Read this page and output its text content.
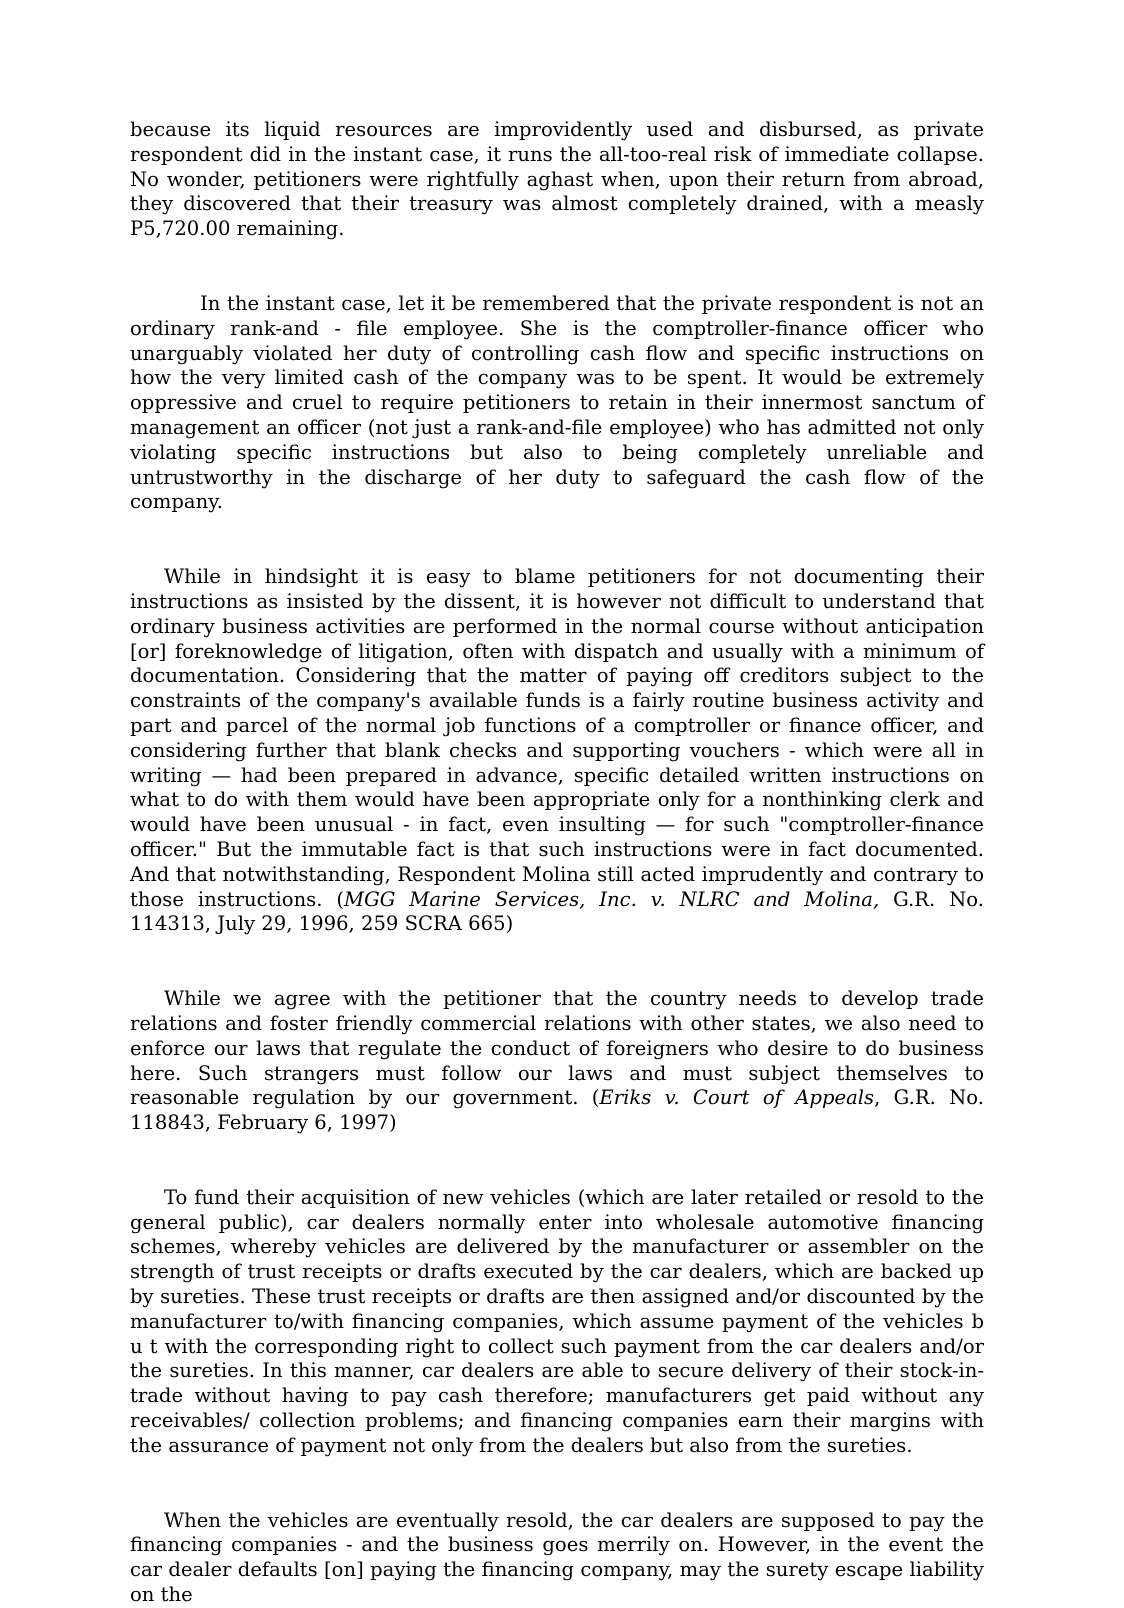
because its liquid resources are improvidently used and disbursed, as private respondent did in the instant case, it runs the all-too-real risk of immediate collapse. No wonder, petitioners were rightfully aghast when, upon their return from abroad, they discovered that their treasury was almost completely drained, with a measly P5,720.00 remaining.

In the instant case, let it be remembered that the private respondent is not an ordinary rank-and - file employee. She is the comptroller-finance officer who unarguably violated her duty of controlling cash flow and specific instructions on how the very limited cash of the company was to be spent. It would be extremely oppressive and cruel to require petitioners to retain in their innermost sanctum of management an officer (not just a rank-and-file employee) who has admitted not only violating specific instructions but also to being completely unreliable and untrustworthy in the discharge of her duty to safeguard the cash flow of the company.

While in hindsight it is easy to blame petitioners for not documenting their instructions as insisted by the dissent, it is however not difficult to understand that ordinary business activities are performed in the normal course without anticipation [or] foreknowledge of litigation, often with dispatch and usually with a minimum of documentation. Considering that the matter of paying off creditors subject to the constraints of the company's available funds is a fairly routine business activity and part and parcel of the normal job functions of a comptroller or finance officer, and considering further that blank checks and supporting vouchers - which were all in writing — had been prepared in advance, specific detailed written instructions on what to do with them would have been appropriate only for a nonthinking clerk and would have been unusual - in fact, even insulting — for such "comptroller-finance officer." But the immutable fact is that such instructions were in fact documented. And that notwithstanding, Respondent Molina still acted imprudently and contrary to those instructions. (MGG Marine Services, Inc. v. NLRC and Molina, G.R. No. 114313, July 29, 1996, 259 SCRA 665)

While we agree with the petitioner that the country needs to develop trade relations and foster friendly commercial relations with other states, we also need to enforce our laws that regulate the conduct of foreigners who desire to do business here. Such strangers must follow our laws and must subject themselves to reasonable regulation by our government. (Eriks v. Court of Appeals, G.R. No. 118843, February 6, 1997)

To fund their acquisition of new vehicles (which are later retailed or resold to the general public), car dealers normally enter into wholesale automotive financing schemes, whereby vehicles are delivered by the manufacturer or assembler on the strength of trust receipts or drafts executed by the car dealers, which are backed up by sureties. These trust receipts or drafts are then assigned and/or discounted by the manufacturer to/with financing companies, which assume payment of the vehicles b u t with the corresponding right to collect such payment from the car dealers and/or the sureties. In this manner, car dealers are able to secure delivery of their stock-in-trade without having to pay cash therefore; manufacturers get paid without any receivables/ collection problems; and financing companies earn their margins with the assurance of payment not only from the dealers but also from the sureties.

When the vehicles are eventually resold, the car dealers are supposed to pay the financing companies - and the business goes merrily on. However, in the event the car dealer defaults [on] paying the financing company, may the surety escape liability on the
